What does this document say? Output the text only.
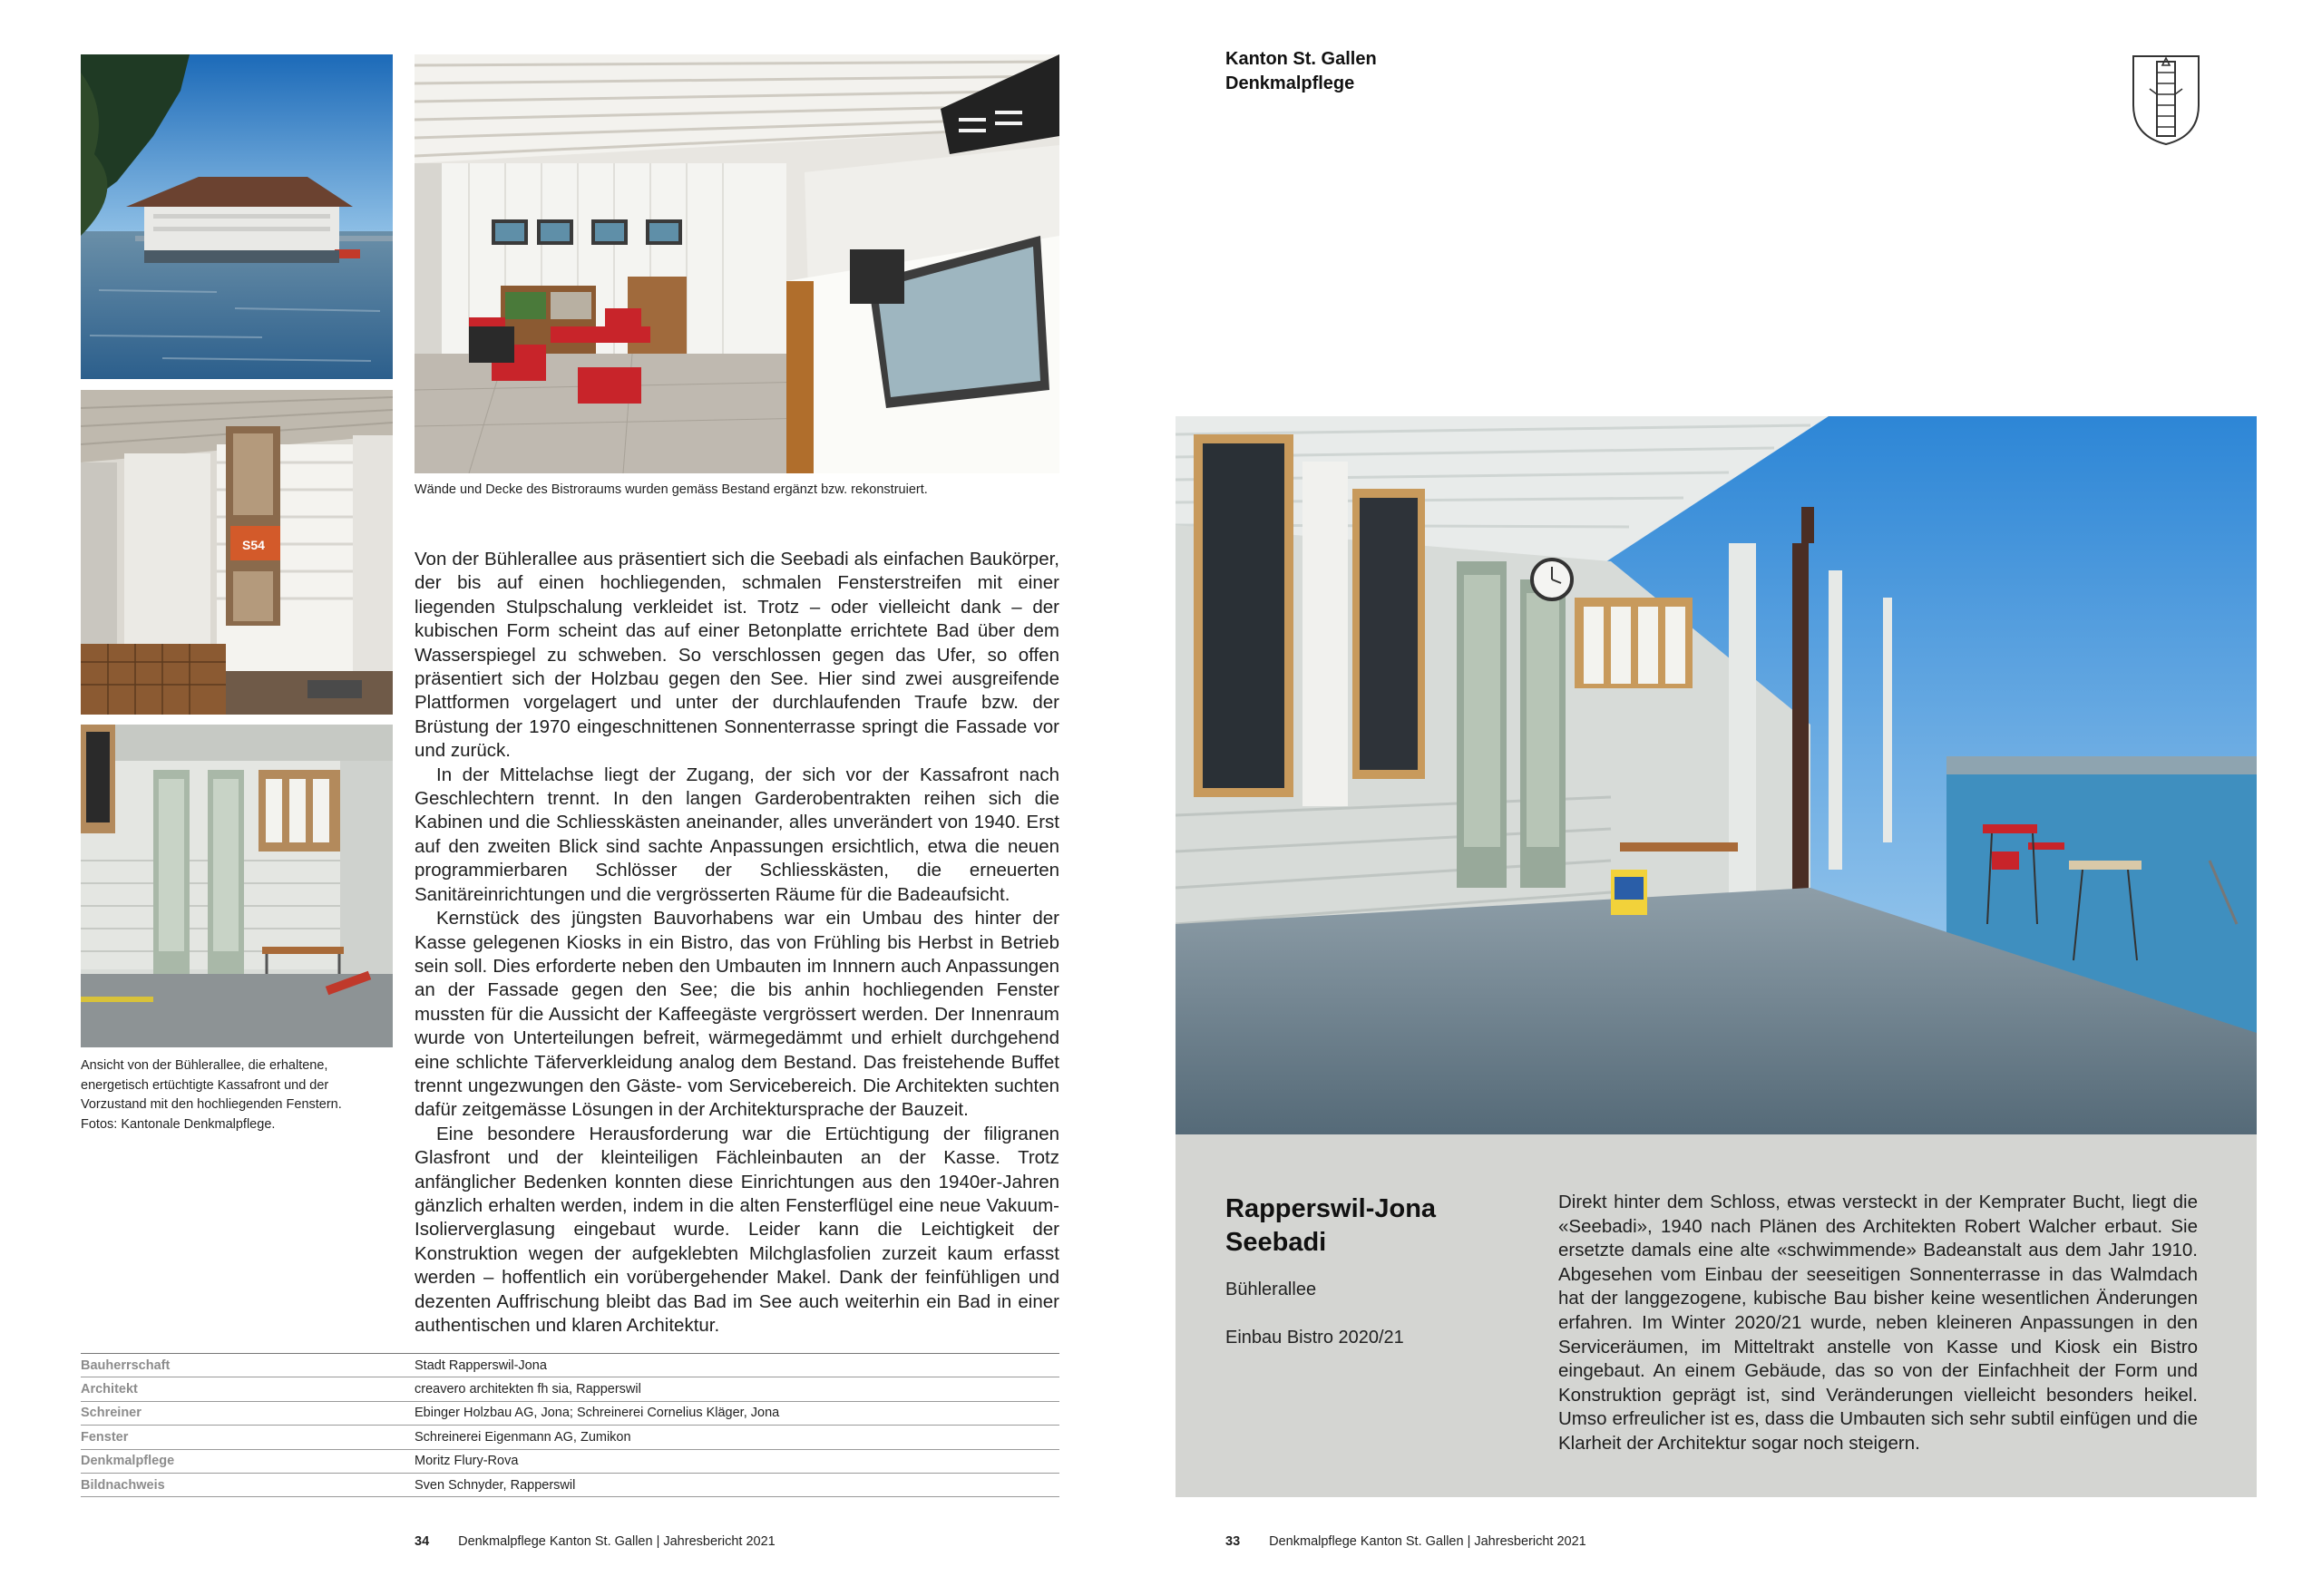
Wände und Decke des Bistroraums wurden gemäss Bestand ergänzt bzw. rekonstruiert.
S54
Ansicht von der Bühlerallee, die erhaltene, energetisch ertüchtigte Kassafront und der Vorzustand mit den hochliegenden Fenstern. Fotos: Kantonale Denkmalpflege.

Von der Bühlerallee aus präsentiert sich die Seebadi als einfachen Baukörper, der bis auf einen hochliegenden, schmalen Fensterstreifen mit einer liegenden Stulpschalung verkleidet ist. Trotz – oder vielleicht dank – der kubischen Form scheint das auf einer Betonplatte errichtete Bad über dem Wasserspiegel zu schweben. So verschlossen gegen das Ufer, so offen präsentiert sich der Holzbau gegen den See. Hier sind zwei ausgreifende Plattformen vorgelagert und unter der durchlaufenden Traufe bzw. der Brüstung der 1970 eingeschnittenen Sonnenterrasse springt die Fassade vor und zurück.

In der Mittelachse liegt der Zugang, der sich vor der Kassafront nach Geschlechtern trennt. In den langen Garderobentrakten reihen sich die Kabinen und die Schliesskästen aneinander, alles unverändert von 1940. Erst auf den zweiten Blick sind sachte Anpassungen ersichtlich, etwa die neuen programmierbaren Schlösser der Schliesskästen, die erneuerten Sanitäreinrichtungen und die vergrösserten Räume für die Badeaufsicht.

Kernstück des jüngsten Bauvorhabens war ein Umbau des hinter der Kasse gelegenen Kiosks in ein Bistro, das von Frühling bis Herbst in Betrieb sein soll. Dies erforderte neben den Umbauten im Innnern auch Anpassungen an der Fassade gegen den See; die bis anhin hochliegenden Fenster mussten für die Aussicht der Kaffeegäste vergrössert werden. Der Innenraum wurde von Unterteilungen befreit, wärmegedämmt und erhielt durchgehend eine schlichte Täferverkleidung analog dem Bestand. Das freistehende Buffet trennt ungezwungen den Gäste- vom Servicebereich. Die Architekten suchten dafür zeitgemässe Lösungen in der Architektursprache der Bauzeit.

Eine besondere Herausforderung war die Ertüchtigung der filigranen Glasfront und der kleinteiligen Fächleinbauten an der Kasse. Trotz anfänglicher Bedenken konnten diese Einrichtungen aus den 1940er-Jahren gänzlich erhalten werden, indem in die alten Fensterflügel eine neue Vakuum-Isolierverglasung eingebaut wurde. Leider kann die Leichtigkeit der Konstruktion wegen der aufgeklebten Milchglasfolien zurzeit kaum erfasst werden – hoffentlich ein vorübergehender Makel. Dank der feinfühligen und dezenten Auffrischung bleibt das Bad im See auch weiterhin ein Bad in einer authentischen und klaren Architektur.

Bauherrschaft	Stadt Rapperswil-Jona
Architekt	creavero architekten fh sia, Rapperswil
Schreiner	Ebinger Holzbau AG, Jona; Schreinerei Cornelius Kläger, Jona
Fenster	Schreinerei Eigenmann AG, Zumikon
Denkmalpflege	Moritz Flury-Rova
Bildnachweis	Sven Schnyder, Rapperswil
34 Denkmalpflege Kanton St. Gallen | Jahresbericht 2021
Kanton St. Gallen
Denkmalpflege
Rapperswil-Jona
Seebadi
Bühlerallee
Einbau Bistro 2020/21
Direkt hinter dem Schloss, etwas versteckt in der Kemprater Bucht, liegt die «Seebadi», 1940 nach Plänen des Architekten Robert Walcher erbaut. Sie ersetzte damals eine alte «schwimmende» Badeanstalt aus dem Jahr 1910. Abgesehen vom Einbau der seeseitigen Sonnenterrasse in das Walmdach hat der langgezogene, kubische Bau bisher keine wesentlichen Änderungen erfahren. Im Winter 2020/21 wurde, neben kleineren Anpassungen in den Serviceräumen, im Mitteltrakt anstelle von Kasse und Kiosk ein Bistro eingebaut. An einem Gebäude, das so von der Einfachheit der Form und Konstruktion geprägt ist, sind Veränderungen vielleicht besonders heikel. Umso erfreulicher ist es, dass die Umbauten sich sehr subtil einfügen und die Klarheit der Architektur sogar noch steigern.
33 Denkmalpflege Kanton St. Gallen | Jahresbericht 2021
